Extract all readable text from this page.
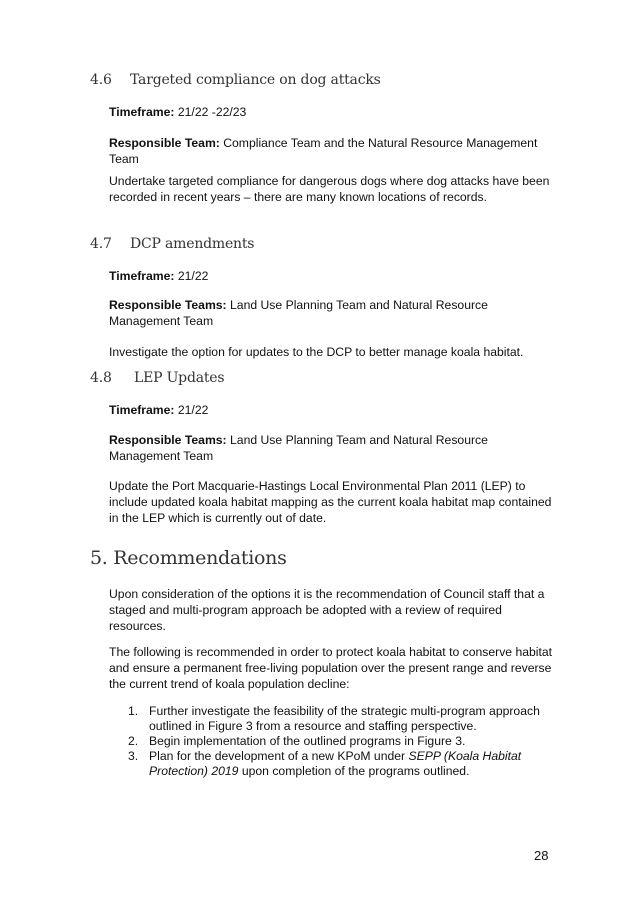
4.6 Targeted compliance on dog attacks
Timeframe: 21/22 -22/23
Responsible Team: Compliance Team and the Natural Resource Management Team
Undertake targeted compliance for dangerous dogs where dog attacks have been recorded in recent years – there are many known locations of records.
4.7 DCP amendments
Timeframe: 21/22
Responsible Teams: Land Use Planning Team and Natural Resource Management Team
Investigate the option for updates to the DCP to better manage koala habitat.
4.8 LEP Updates
Timeframe: 21/22
Responsible Teams: Land Use Planning Team and Natural Resource Management Team
Update the Port Macquarie-Hastings Local Environmental Plan 2011 (LEP) to include updated koala habitat mapping as the current koala habitat map contained in the LEP which is currently out of date.
5. Recommendations
Upon consideration of the options it is the recommendation of Council staff that a staged and multi-program approach be adopted with a review of required resources.
The following is recommended in order to protect koala habitat to conserve habitat and ensure a permanent free-living population over the present range and reverse the current trend of koala population decline:
1. Further investigate the feasibility of the strategic multi-program approach outlined in Figure 3 from a resource and staffing perspective.
2. Begin implementation of the outlined programs in Figure 3.
3. Plan for the development of a new KPoM under SEPP (Koala Habitat Protection) 2019 upon completion of the programs outlined.
28
